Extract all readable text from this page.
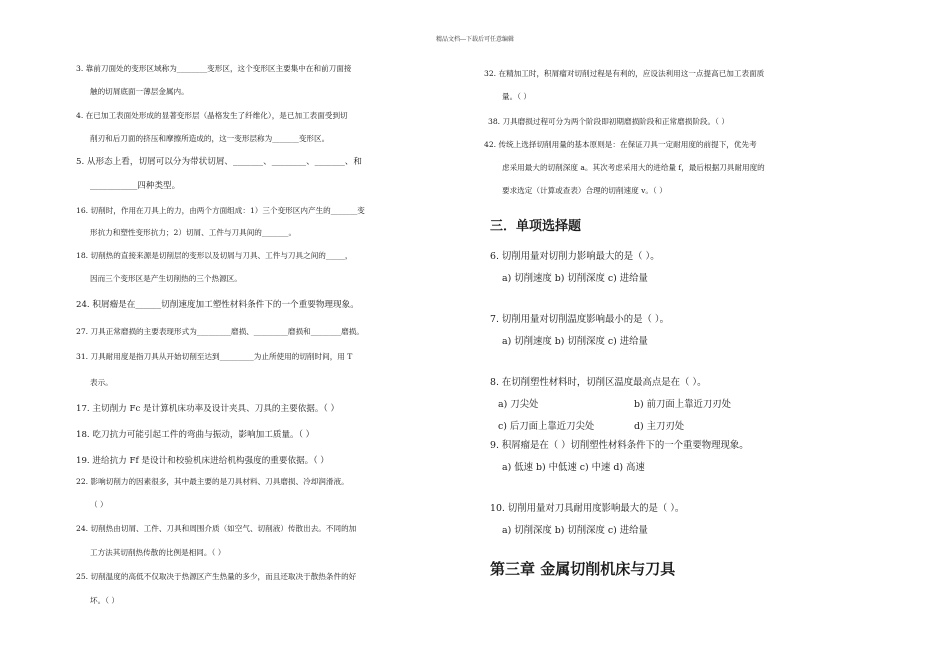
精品文档---下载后可任意编辑
3. 靠前刀面处的变形区域称为________变形区，这个变形区主要集中在和前刀面接
触的切屑底面一薄层金属内。
4. 在已加工表面处形成的显著变形层（晶格发生了纤维化），是已加工表面受到切
削刃和后刀面的挤压和摩擦所造成的，这一变形层称为_______变形区。
5. 从形态上看，切屑可以分为带状切屑、_______、________、_______、和
___________四种类型。
16. 切削时，作用在刀具上的力，由两个方面组成：1）三个变形区内产生的_______变
形抗力和塑性变形抗力；2）切屑、工件与刀具间的_______。
18. 切削热的直接来源是切削层的变形以及切屑与刀具、工件与刀具之间的_____，
因而三个变形区是产生切削热的三个热源区。
24. 积屑瘤是在______切削速度加工塑性材料条件下的一个重要物理现象。
27. 刀具正常磨损的主要表现形式为_________磨损、_________磨损和________磨损。
31. 刀具耐用度是指刀具从开始切削至达到_________为止所使用的切削时间，用 T
表示。
17. 主切削力 Fc 是计算机床功率及设计夹具、刀具的主要依据。（ ）
18. 吃刀抗力可能引起工件的弯曲与振动，影响加工质量。（ ）
19. 进给抗力 Ff 是设计和校验机床进给机构强度的重要依据。（ ）
22. 影响切削力的因素很多，其中最主要的是刀具材料、刀具磨损、冷却润滑液。
（ ）
24. 切削热由切屑、工件、刀具和周围介质（如空气、切削液）传散出去。不同的加
工方法其切削热传散的比例是相同。（ ）
25. 切削温度的高低不仅取决于热源区产生热量的多少，而且还取决于散热条件的好
坏。（ ）
32. 在精加工时，积屑瘤对切削过程是有利的，应设法利用这一点提高已加工表面质
量。（ ）
38. 刀具磨损过程可分为两个阶段即初期磨损阶段和正常磨损阶段。（ ）
42. 传统上选择切削用量的基本原则是：在保证刀具一定耐用度的前提下，优先考
虑采用最大的切削深度 a。其次考虑采用大的进给量 f，最后根据刀具耐用度的
要求选定（计算或查表）合理的切削速度 v。（ ）
三．单项选择题
6. 切削用量对切削力影响最大的是（ ）。
a) 切削速度 b) 切削深度 c) 进给量
7. 切削用量对切削温度影响最小的是（ ）。
a) 切削速度 b) 切削深度 c) 进给量
8. 在切削塑性材料时，切削区温度最高点是在（ ）。
a) 刀尖处	b) 前刀面上靠近刀刃处
c) 后刀面上靠近刀尖处	d) 主刀刃处
9. 积屑瘤是在（ ）切削塑性材料条件下的一个重要物理现象。
a) 低速 b) 中低速 c) 中速 d) 高速
10. 切削用量对刀具耐用度影响最大的是（ ）。
a) 切削深度 b) 切削深度 c) 进给量
第三章 金属切削机床与刀具
